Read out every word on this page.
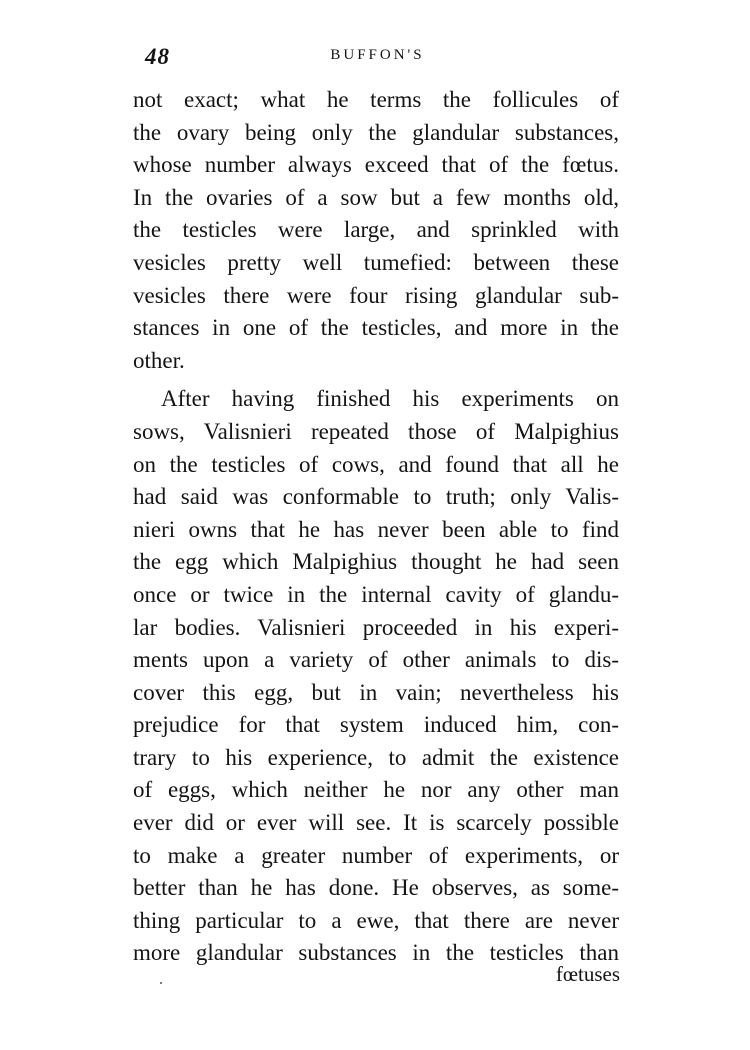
48	BUFFON'S
not exact; what he terms the follicules of
the ovary being only the glandular substances,
whose number always exceed that of the fœtus.
In the ovaries of a sow but a few months old,
the testicles were large, and sprinkled with
vesicles pretty well tumefied: between these
vesicles there were four rising glandular sub-
stances in one of the testicles, and more in the
other.
After having finished his experiments on
sows, Valisnieri repeated those of Malpighius
on the testicles of cows, and found that all he
had said was conformable to truth; only Valis-
nieri owns that he has never been able to find
the egg which Malpighius thought he had seen
once or twice in the internal cavity of glandu-
lar bodies. Valisnieri proceeded in his experi-
ments upon a variety of other animals to dis-
cover this egg, but in vain; nevertheless his
prejudice for that system induced him, con-
trary to his experience, to admit the existence
of eggs, which neither he nor any other man
ever did or ever will see. It is scarcely possible
to make a greater number of experiments, or
better than he has done. He observes, as some-
thing particular to a ewe, that there are never
more glandular substances in the testicles than
fœtuses
